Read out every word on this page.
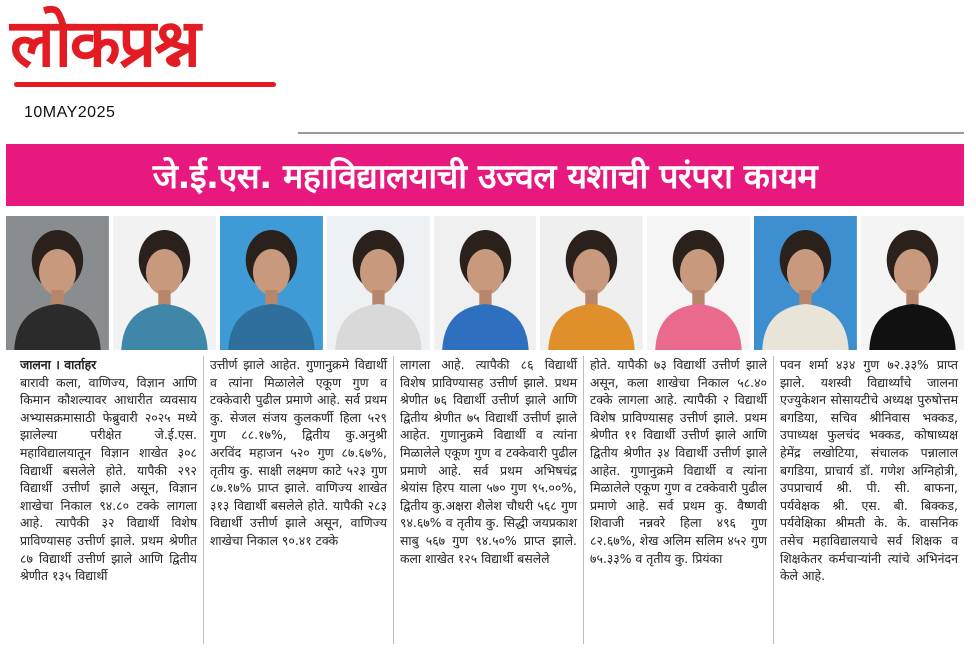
लोकप्रश्न
10MAY2025
जे.ई.एस. महाविद्यालयाची उज्वल यशाची परंपरा कायम
जालना । वार्ताहर
बारावी कला, वाणिज्य, विज्ञान आणि किमान कौशल्यावर आधारीत व्यवसाय अभ्यासक्रमासाठी फेब्रुवारी २०२५ मध्ये झालेल्या परीक्षेत जे.ई.एस. महाविद्यालयातून विज्ञान शाखेत ३०८ विद्यार्थी बसलेले होते. यापैकी २९२ विद्यार्थी उत्तीर्ण झाले असून, विज्ञान शाखेचा निकाल ९४.८० टक्के लागला आहे. त्यापैकी ३२ विद्यार्थी विशेष प्राविण्यासह उत्तीर्ण झाले. प्रथम श्रेणीत ८७ विद्यार्थी उत्तीर्ण झाले आणि द्वितीय श्रेणीत १३५ विद्यार्थी
उत्तीर्ण झाले आहेत. गुणानुक्रमे विद्यार्थी व त्यांना मिळालेले एकूण गुण व टक्केवारी पुढील प्रमाणे आहे. सर्व प्रथम कु. सेजल संजय कुलकर्णी हिला ५२९ गुण ८८.१७%, द्वितीय कु.अनुश्री अरविंद महाजन ५२० गुण ८७.६७%, तृतीय कु. साक्षी लक्ष्मण काटे ५२३ गुण ८७.१७% प्राप्त झाले. वाणिज्य शाखेत ३१३ विद्यार्थी बसलेले होते. यापैकी २८३ विद्यार्थी उत्तीर्ण झाले असून, वाणिज्य शाखेचा निकाल ९०.४१ टक्के
लागला आहे. त्यापैकी ८६ विद्यार्थी विशेष प्राविण्यासह उत्तीर्ण झाले. प्रथम श्रेणीत ७६ विद्यार्थी उत्तीर्ण झाले आणि द्वितीय श्रेणीत ७५ विद्यार्थी उत्तीर्ण झाले आहेत. गुणानुक्रमे विद्यार्थी व त्यांना मिळालेले एकूण गुण व टक्केवारी पुढील प्रमाणे आहे. सर्व प्रथम अभिषचंद्र श्रेयांस हिरप याला ५७० गुण ९५.००%, द्वितीय कु.अक्षरा शैलेश चौधरी ५६८ गुण ९४.६७% व तृतीय कु. सिद्धी जयप्रकाश साबु ५६७ गुण ९४.५०% प्राप्त झाले. कला शाखेत १२५ विद्यार्थी बसलेले
होते. यापैकी ७३ विद्यार्थी उत्तीर्ण झाले असून, कला शाखेचा निकाल ५८.४० टक्के लागला आहे. त्यापैकी २ विद्यार्थी विशेष प्राविण्यासह उत्तीर्ण झाले. प्रथम श्रेणीत ११ विद्यार्थी उत्तीर्ण झाले आणि द्वितीय श्रेणीत ३४ विद्यार्थी उत्तीर्ण झाले आहेत. गुणानुक्रमे विद्यार्थी व त्यांना मिळालेले एकूण गुण व टक्केवारी पुढील प्रमाणे आहे. सर्व प्रथम कु. वैष्णवी शिवाजी नन्नवरे हिला ४९६ गुण ८२.६७%, शेख अलिम सलिम ४५२ गुण ७५.३३% व तृतीय कु. प्रियंका
पवन शर्मा ४३४ गुण ७२.३३% प्राप्त झाले. यशस्वी विद्यार्थ्यांचे जालना एज्युकेशन सोसायटीचे अध्यक्ष पुरुषोत्तम बगडिया, सचिव श्रीनिवास भक्कड, उपाध्यक्ष फुलचंद भक्कड, कोषाध्यक्ष हेमेंद्र लखोटिया, संचालक पन्नालाल बगडिया, प्राचार्य डॉ. गणेश अग्निहोत्री, उपप्राचार्य श्री. पी. सी. बाफना, पर्यवेक्षक श्री. एस. बी. बिक्कड, पर्यवेक्षिका श्रीमती के. के. वासनिक तसेच महाविद्यालयाचे सर्व शिक्षक व शिक्षकेतर कर्मचाऱ्यांनी त्यांचे अभिनंदन केले आहे.
